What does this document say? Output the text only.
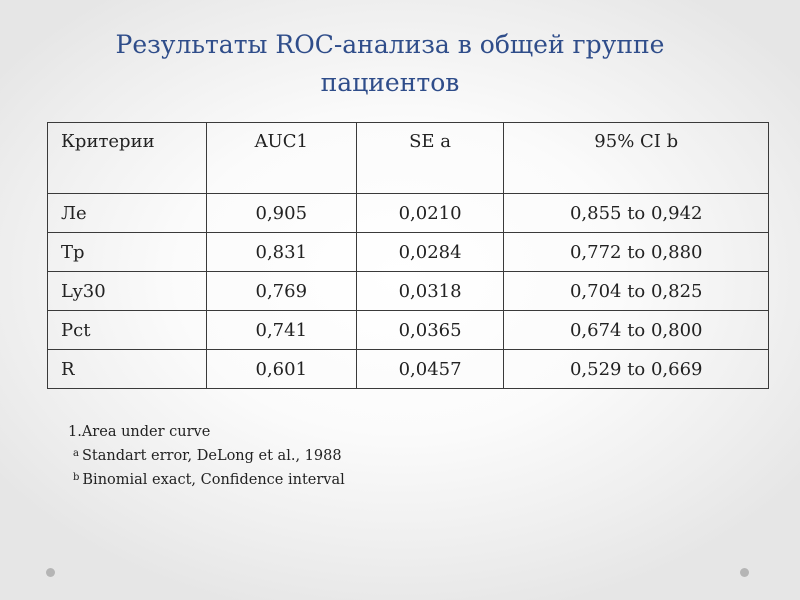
Результаты ROC-анализа в общей группе
пациентов
Критерии	AUC1	SE a	95% CI b
Ле	0,905	0,0210	0,855 to 0,942
Тр	0,831	0,0284	0,772 to 0,880
Ly30	0,769	0,0318	0,704 to 0,825
Pct	0,741	0,0365	0,674 to 0,800
R	0,601	0,0457	0,529 to 0,669
1.Area under curve
$^a$ Standart error, DeLong et al., 1988
$^b$ Binomial exact, Confidence interval
